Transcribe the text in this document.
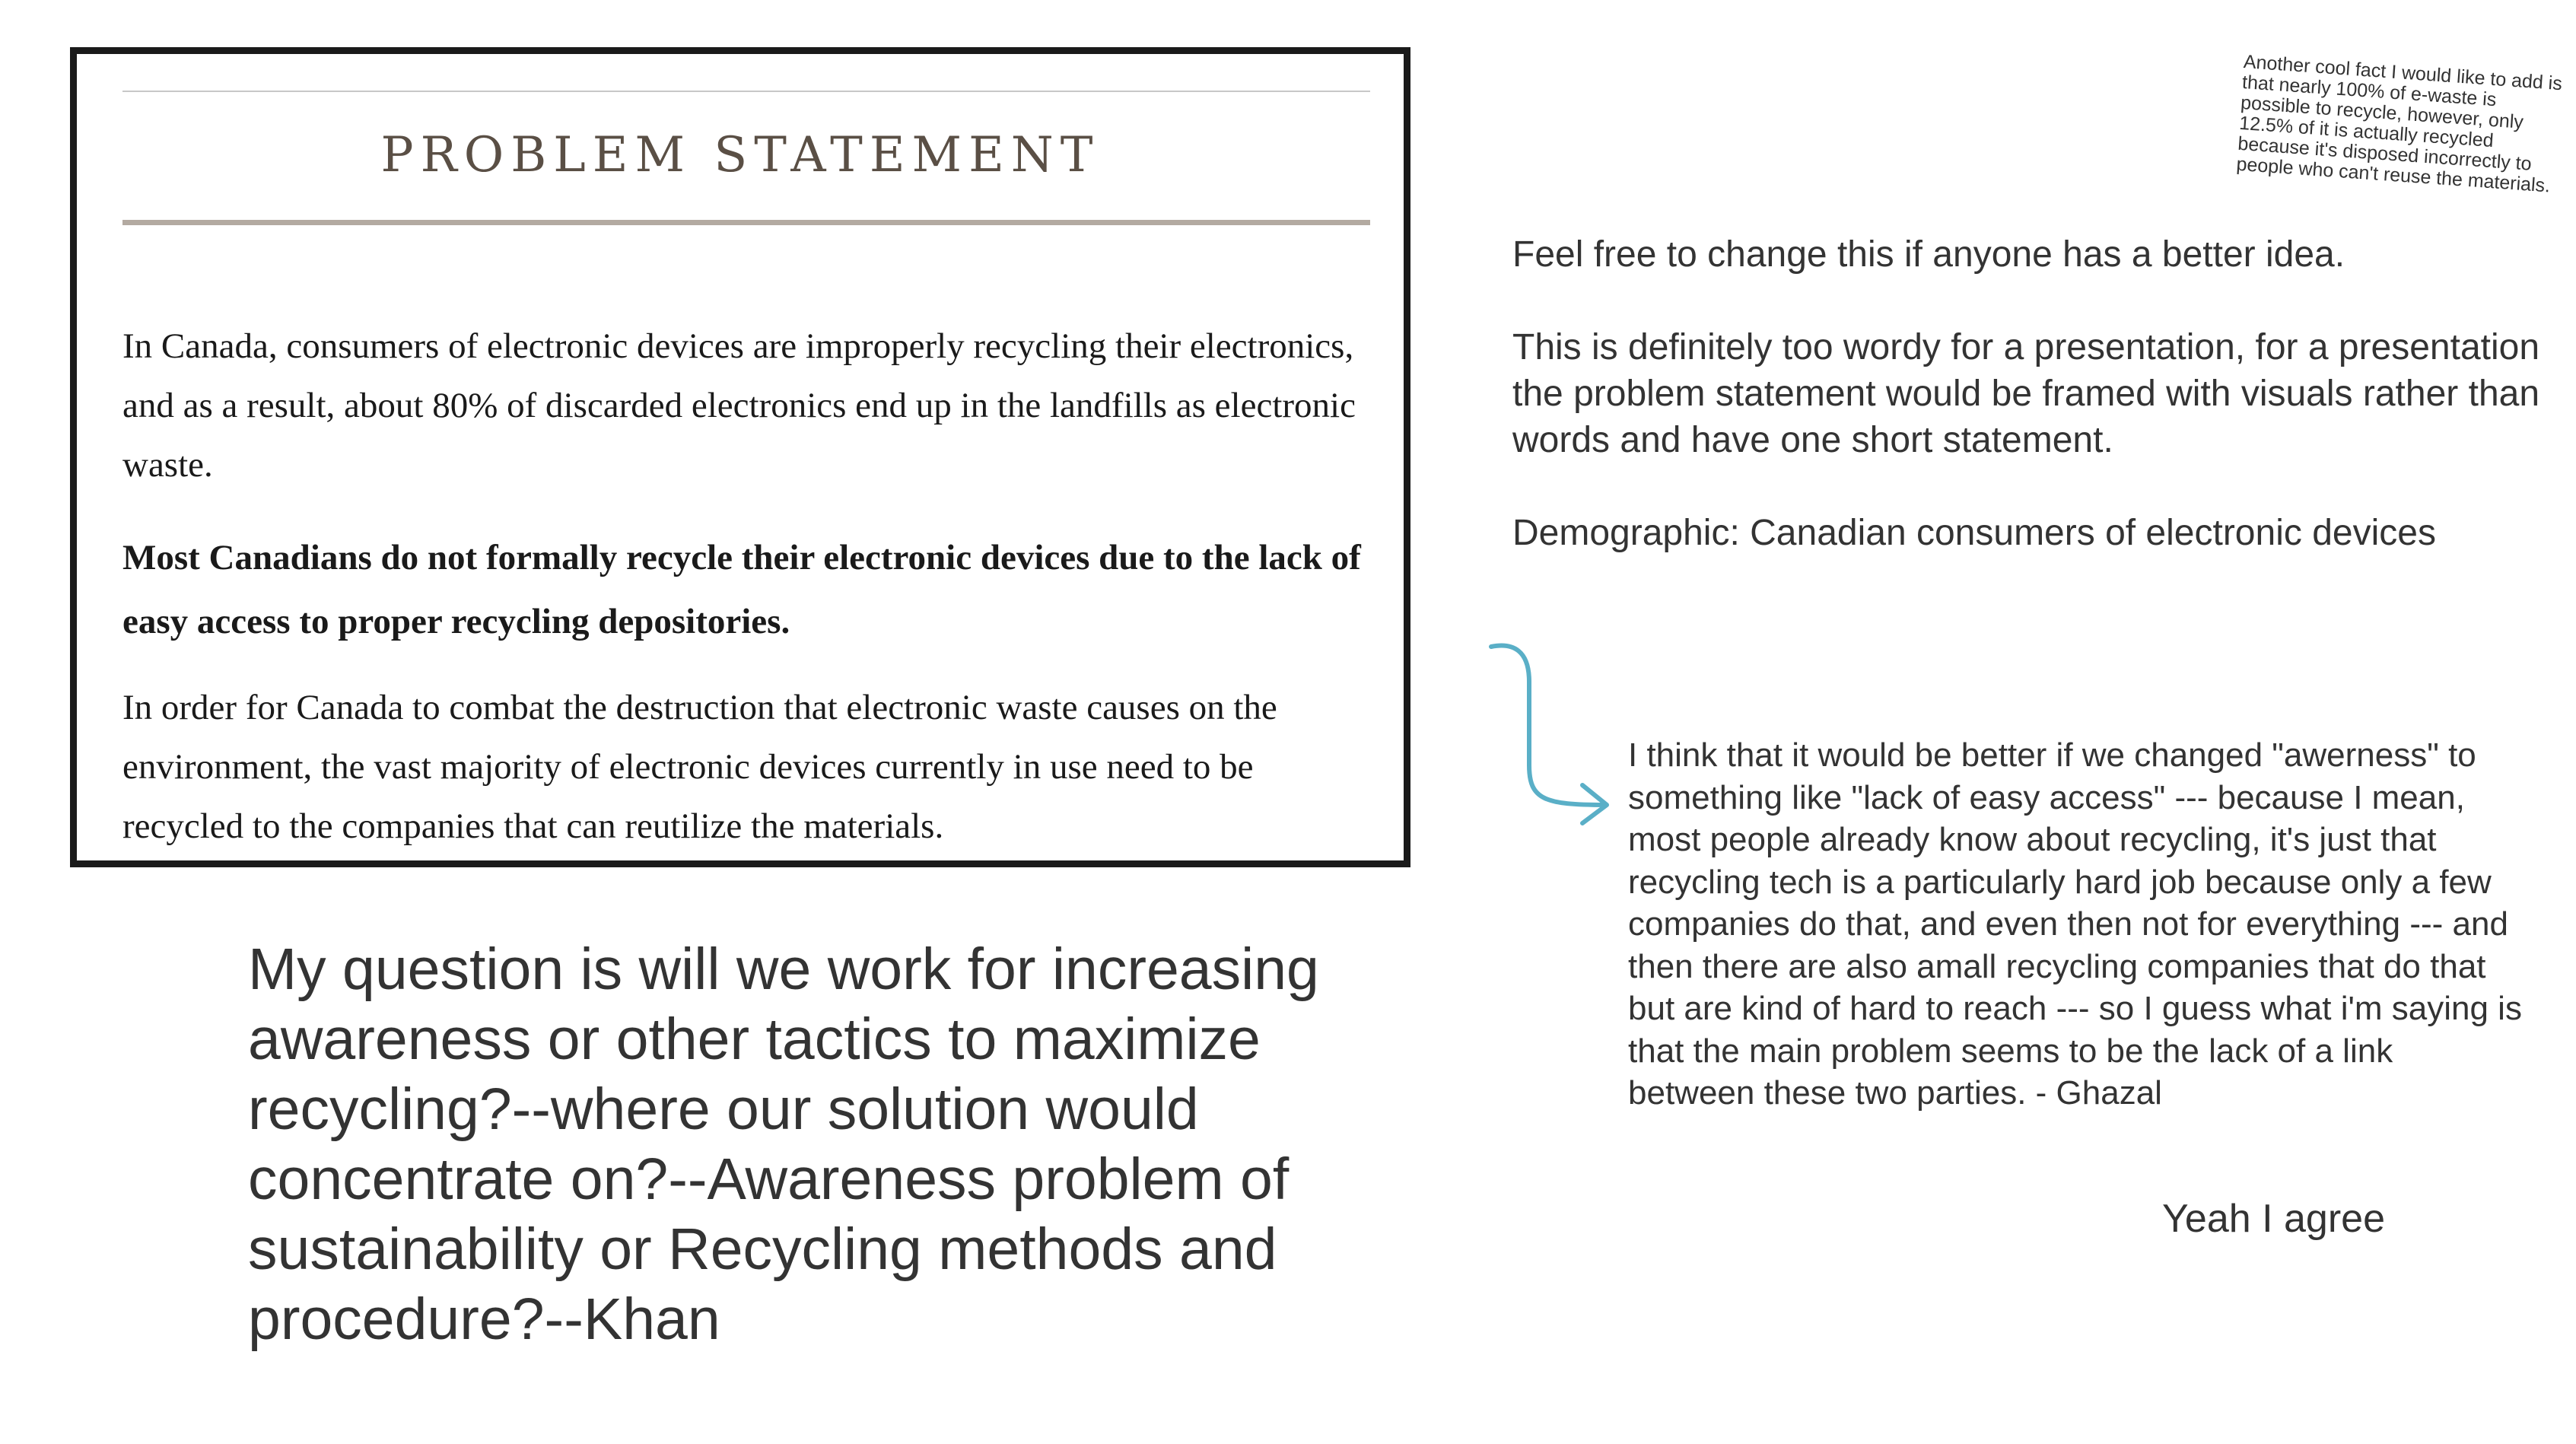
PROBLEM STATEMENT

In Canada, consumers of electronic devices are improperly recycling their electronics, and as a result, about 80% of discarded electronics end up in the landfills as electronic waste.

Most Canadians do not formally recycle their electronic devices due to the lack of easy access to proper recycling depositories.

In order for Canada to combat the destruction that electronic waste causes on the environment, the vast majority of electronic devices currently in use need to be recycled to the companies that can reutilize the materials.

My question is will we work for increasing awareness or other tactics to maximize recycling?--where our solution would concentrate on?--Awareness problem of sustainability or Recycling methods and procedure?--Khan

Another cool fact I would like to add is that nearly 100% of e-waste is possible to recycle, however, only 12.5% of it is actually recycled because it's disposed incorrectly to people who can't reuse the materials.

Feel free to change this if anyone has a better idea.

This is definitely too wordy for a presentation, for a presentation the problem statement would be framed with visuals rather than words and have one short statement.

Demographic: Canadian consumers of electronic devices

I think that it would be better if we changed "awerness" to something like "lack of easy access" --- because I mean, most people already know about recycling, it's just that recycling tech is a particularly hard job because only a few companies do that, and even then not for everything --- and then there are also amall recycling companies that do that but are kind of hard to reach --- so I guess what i'm saying is that the main problem seems to be the lack of a link between these two parties. - Ghazal

Yeah I agree
